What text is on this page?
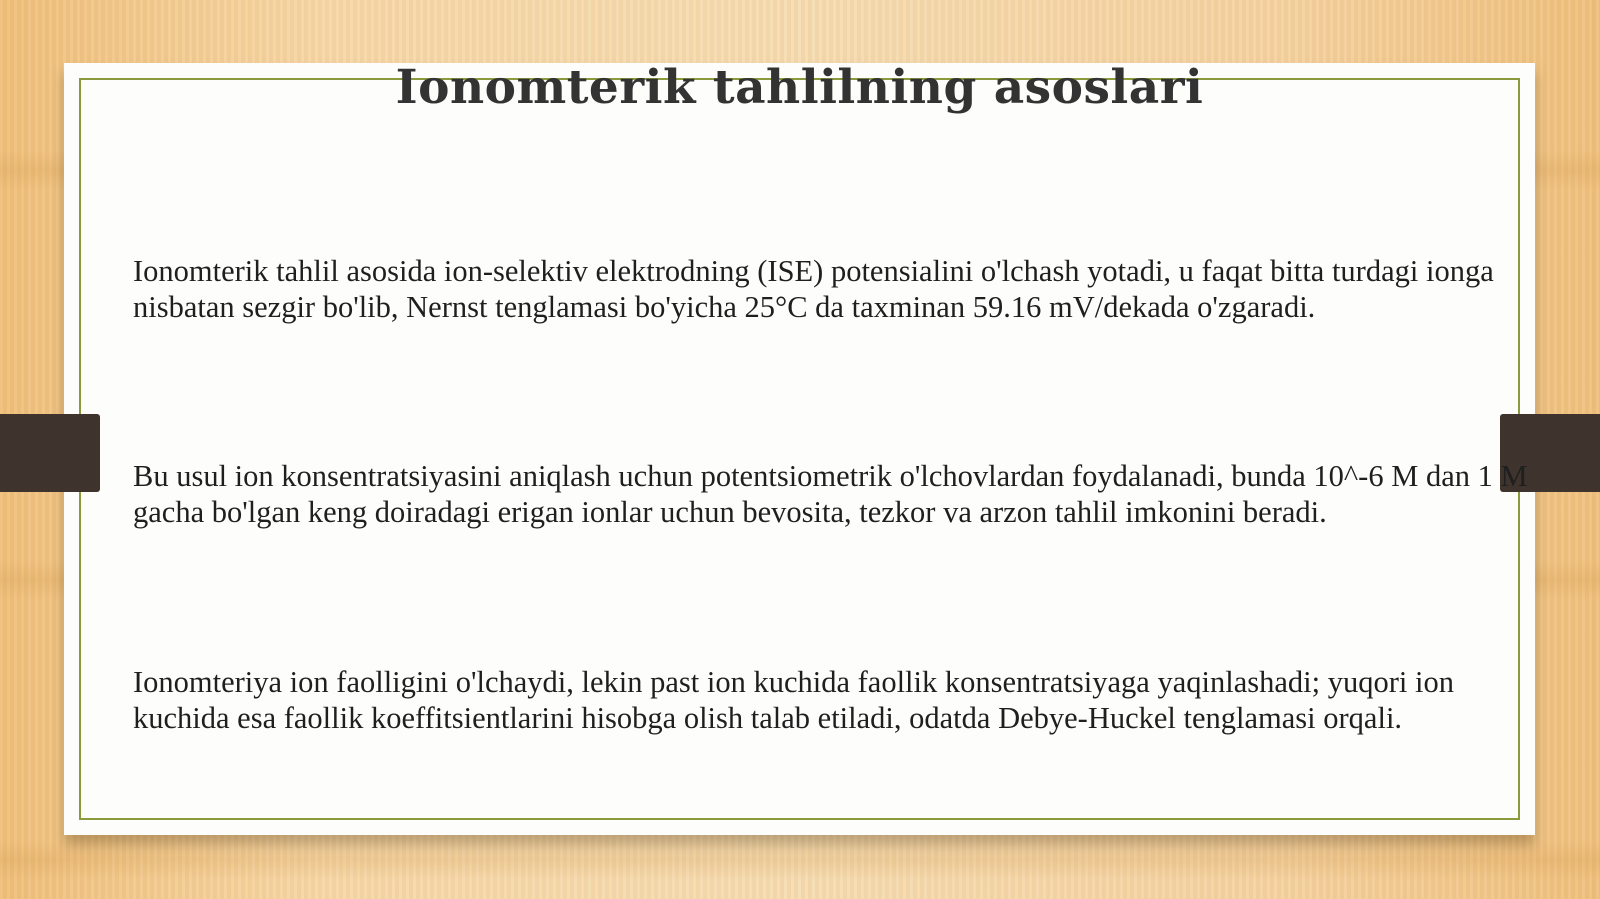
Ionomterik tahlilning asoslari

Ionomterik tahlil asosida ion-selektiv elektrodning (ISE) potensialini o'lchash yotadi, u faqat bitta turdagi ionga nisbatan sezgir bo'lib, Nernst tenglamasi bo'yicha 25°C da taxminan 59.16 mV/dekada o'zgaradi.

Bu usul ion konsentratsiyasini aniqlash uchun potentsiometrik o'lchovlardan foydalanadi, bunda 10^-6 M dan 1 M gacha bo'lgan keng doiradagi erigan ionlar uchun bevosita, tezkor va arzon tahlil imkonini beradi.

Ionomteriya ion faolligini o'lchaydi, lekin past ion kuchida faollik konsentratsiyaga yaqinlashadi; yuqori ion kuchida esa faollik koeffitsientlarini hisobga olish talab etiladi, odatda Debye-Huckel tenglamasi orqali.
